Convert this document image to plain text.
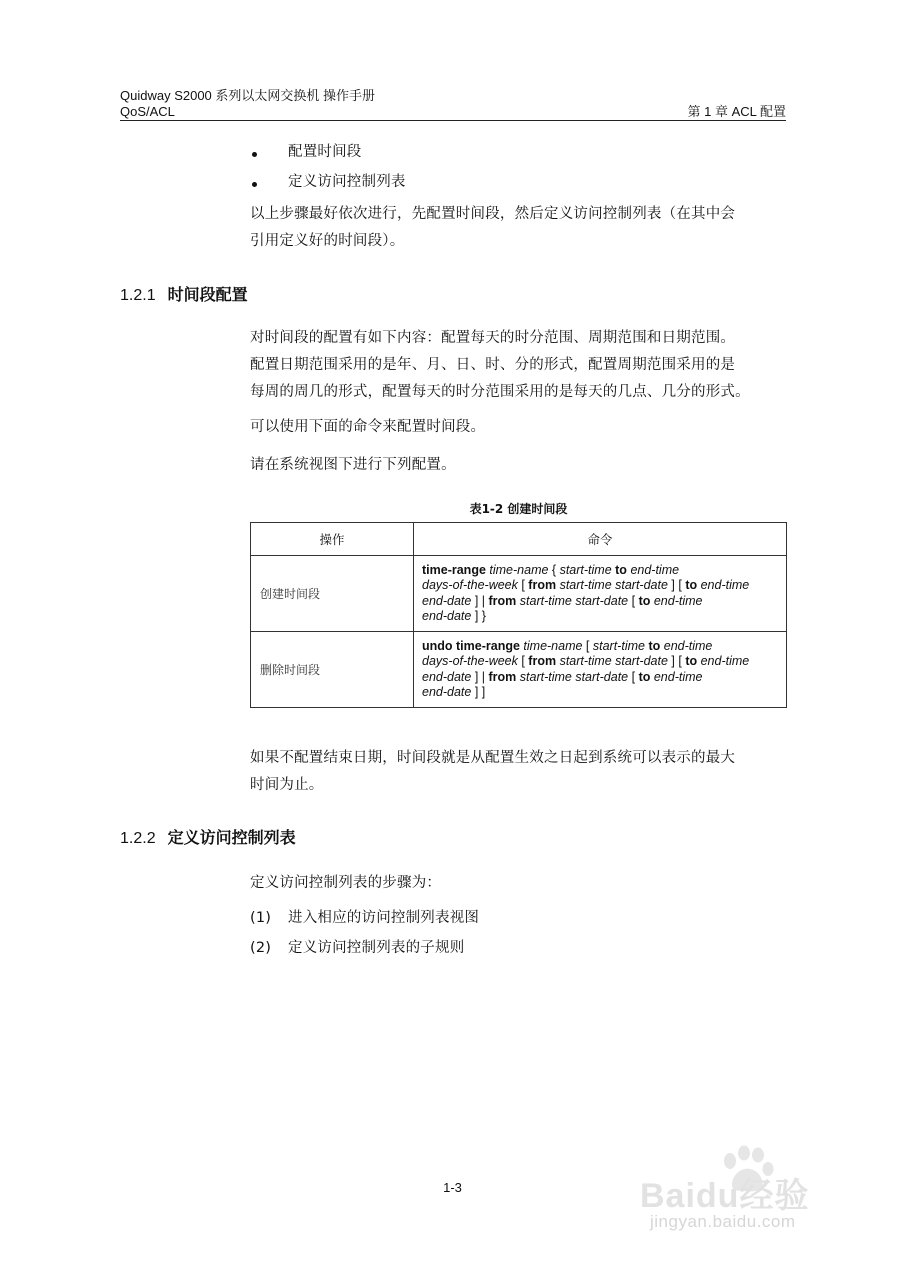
Quidway S2000 系列以太网交换机 操作手册
QoS/ACL	第 1 章 ACL 配置
配置时间段
定义访问控制列表
以上步骤最好依次进行，先配置时间段，然后定义访问控制列表（在其中会
引用定义好的时间段）。
1.2.1 时间段配置
对时间段的配置有如下内容：配置每天的时分范围、周期范围和日期范围。
配置日期范围采用的是年、月、日、时、分的形式，配置周期范围采用的是
每周的周几的形式，配置每天的时分范围采用的是每天的几点、几分的形式。
可以使用下面的命令来配置时间段。
请在系统视图下进行下列配置。
表1-2 创建时间段
操作	命令
创建时间段	time-range time-name { start-time to end-time
days-of-the-week [ from start-time start-date ] [ to end-time
end-date ] | from start-time start-date [ to end-time
end-date ] }
删除时间段	undo time-range time-name [ start-time to end-time
days-of-the-week [ from start-time start-date ] [ to end-time
end-date ] | from start-time start-date [ to end-time
end-date ] ]
如果不配置结束日期，时间段就是从配置生效之日起到系统可以表示的最大
时间为止。
1.2.2 定义访问控制列表
定义访问控制列表的步骤为：
(1) 进入相应的访问控制列表视图
(2) 定义访问控制列表的子规则
1-3	Baidu经验
jingyan.baidu.com
